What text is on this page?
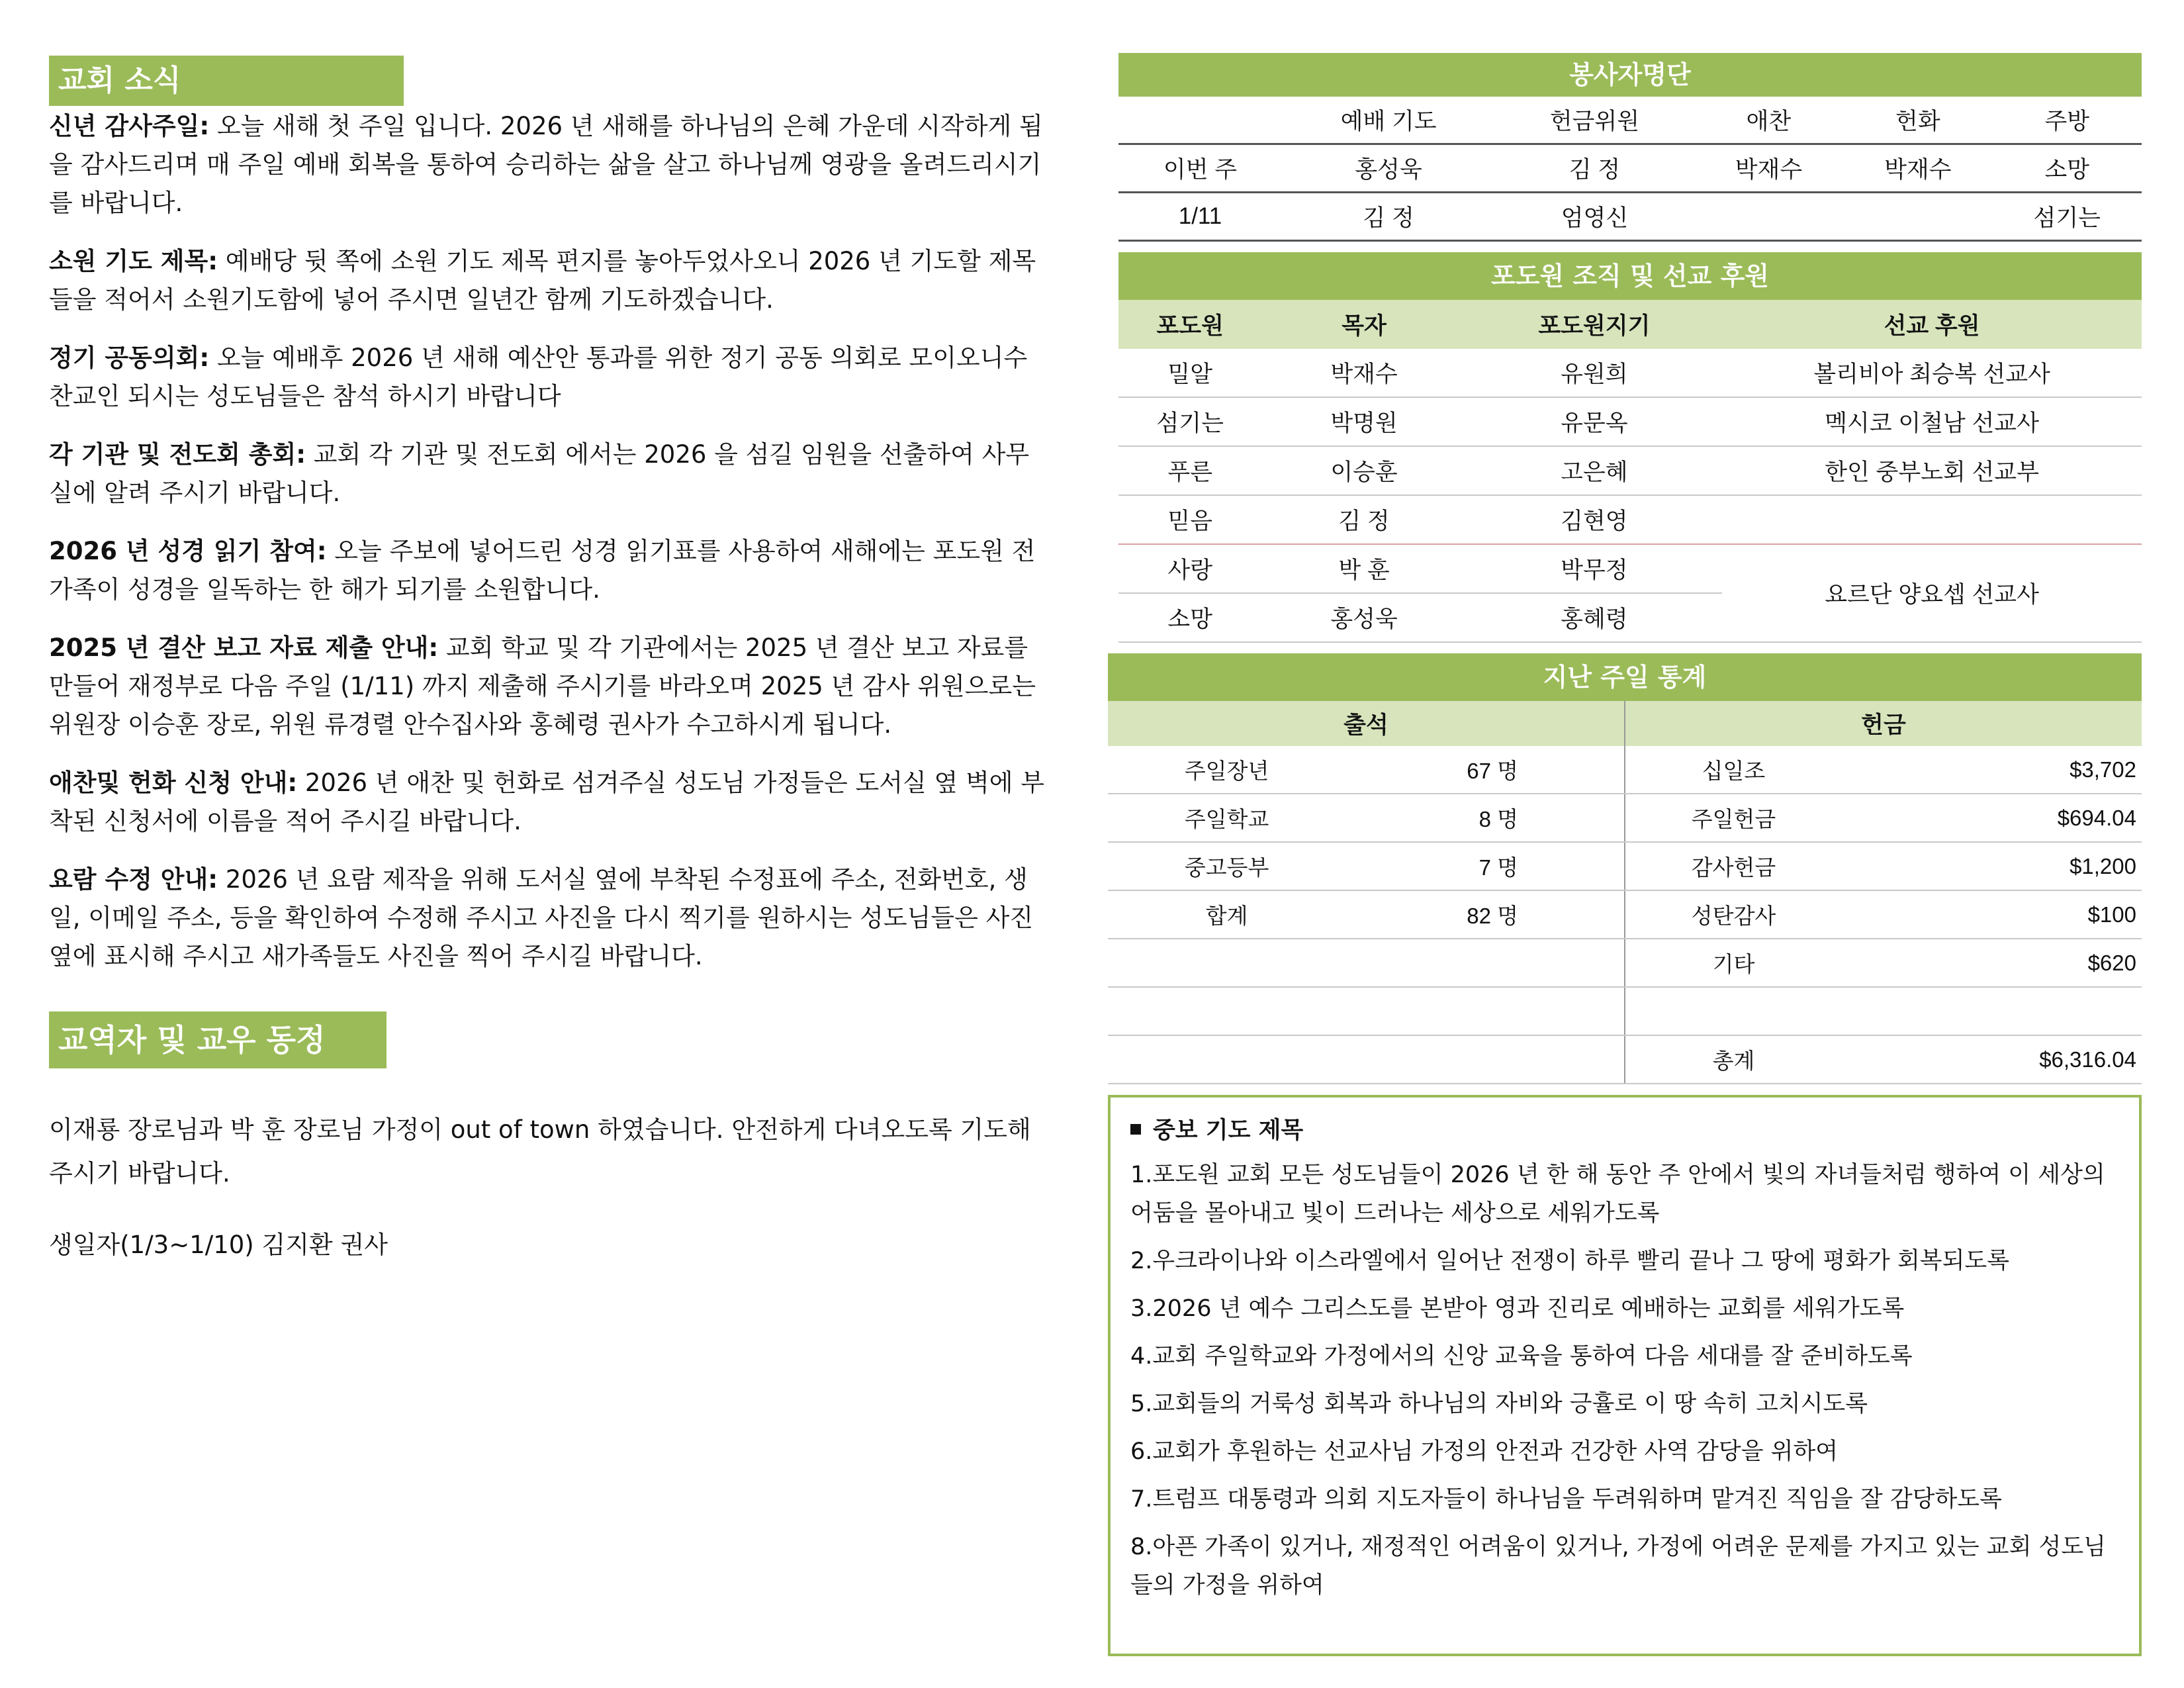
교회 소식
신년 감사주일: 오늘 새해 첫 주일 입니다. 2026 년 새해를 하나님의 은혜 가운데 시작하게 됨을 감사드리며 매 주일 예배 회복을 통하여 승리하는 삶을 살고 하나님께 영광을 올려드리시기를 바랍니다.
소원 기도 제목: 예배당 뒷 쪽에 소원 기도 제목 편지를 놓아두었사오니 2026 년 기도할 제목들을 적어서 소원기도함에 넣어 주시면 일년간 함께 기도하겠습니다.
정기 공동의회: 오늘 예배후 2026 년 새해 예산안 통과를 위한 정기 공동 의회로 모이오니수찬교인 되시는 성도님들은 참석 하시기 바랍니다
각 기관 및 전도회 총회: 교회 각 기관 및 전도회 에서는 2026 을 섬길 임원을 선출하여 사무실에 알려 주시기 바랍니다.
2026 년 성경 읽기 참여: 오늘 주보에 넣어드린 성경 읽기표를 사용하여 새해에는 포도원 전 가족이 성경을 일독하는 한 해가 되기를 소원합니다.
2025 년 결산 보고 자료 제출 안내: 교회 학교 및 각 기관에서는 2025 년 결산 보고 자료를 만들어 재정부로 다음 주일 (1/11) 까지 제출해 주시기를 바라오며 2025 년 감사 위원으로는 위원장 이승훈 장로, 위원 류경렬 안수집사와 홍혜령 권사가 수고하시게 됩니다.
애찬및 헌화 신청 안내: 2026 년 애찬 및 헌화로 섬겨주실 성도님 가정들은 도서실 옆 벽에 부착된 신청서에 이름을 적어 주시길 바랍니다.
요람 수정 안내: 2026 년 요람 제작을 위해 도서실 옆에 부착된 수정표에 주소, 전화번호, 생일, 이메일 주소, 등을 확인하여 수정해 주시고 사진을 다시 찍기를 원하시는 성도님들은 사진 옆에 표시해 주시고 새가족들도 사진을 찍어 주시길 바랍니다.
교역자 및 교우 동정
이재룡 장로님과 박 훈 장로님 가정이 out of town 하였습니다. 안전하게 다녀오도록 기도해 주시기 바랍니다.
생일자(1/3~1/10) 김지환 권사
봉사자명단
	예배 기도	헌금위원	애찬	헌화	주방
이번 주	홍성욱	김 정	박재수	박재수	소망
1/11	김 정	엄영신			섬기는
포도원 조직 및 선교 후원
포도원	목자	포도원지기	선교 후원
밀알	박재수	유원희	볼리비아 최승복 선교사
섬기는	박명원	유문옥	멕시코 이철남 선교사
푸른	이승훈	고은혜	한인 중부노회 선교부
믿음	김 정	김현영	
사랑	박 훈	박무정	요르단 양요셉 선교사
소망	홍성욱	홍혜령	
지난 주일 통계
출석		헌금	
주일장년	67 명	십일조	$3,702
주일학교	8 명	주일헌금	$694.04
중고등부	7 명	감사헌금	$1,200
합계	82 명	성탄감사	$100
		기타	$620

		총계	$6,316.04
중보 기도 제목
1.포도원 교회 모든 성도님들이 2026 년 한 해 동안 주 안에서 빛의 자녀들처럼 행하여 이 세상의 어둠을 몰아내고 빛이 드러나는 세상으로 세워가도록
2.우크라이나와 이스라엘에서 일어난 전쟁이 하루 빨리 끝나 그 땅에 평화가 회복되도록
3.2026 년 예수 그리스도를 본받아 영과 진리로 예배하는 교회를 세워가도록
4.교회 주일학교와 가정에서의 신앙 교육을 통하여 다음 세대를 잘 준비하도록
5.교회들의 거룩성 회복과 하나님의 자비와 긍휼로 이 땅 속히 고치시도록
6.교회가 후원하는 선교사님 가정의 안전과 건강한 사역 감당을 위하여
7.트럼프 대통령과 의회 지도자들이 하나님을 두려워하며 맡겨진 직임을 잘 감당하도록
8.아픈 가족이 있거나, 재정적인 어려움이 있거나, 가정에 어려운 문제를 가지고 있는 교회 성도님들의 가정을 위하여
